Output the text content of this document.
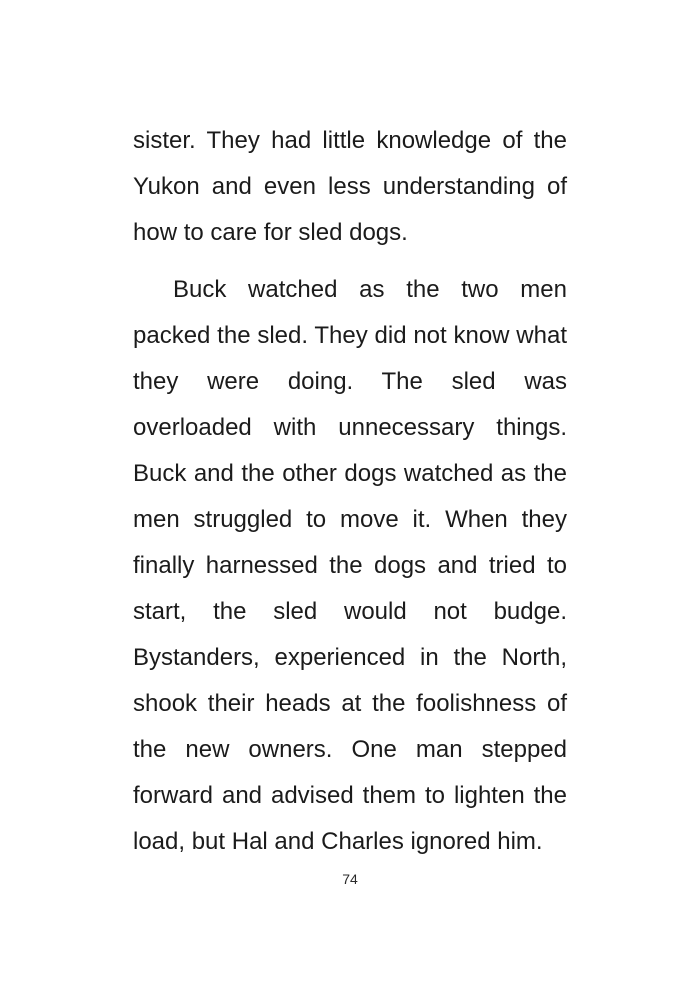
sister. They had little knowledge of the
Yukon and even less understanding of
how to care for sled dogs.

Buck watched as the two men
packed the sled. They did not know what
they were doing. The sled was
overloaded with unnecessary things.
Buck and the other dogs watched as the
men struggled to move it. When they
finally harnessed the dogs and tried to
start, the sled would not budge.
Bystanders, experienced in the North,
shook their heads at the foolishness of
the new owners. One man stepped
forward and advised them to lighten the
load, but Hal and Charles ignored him.

74
